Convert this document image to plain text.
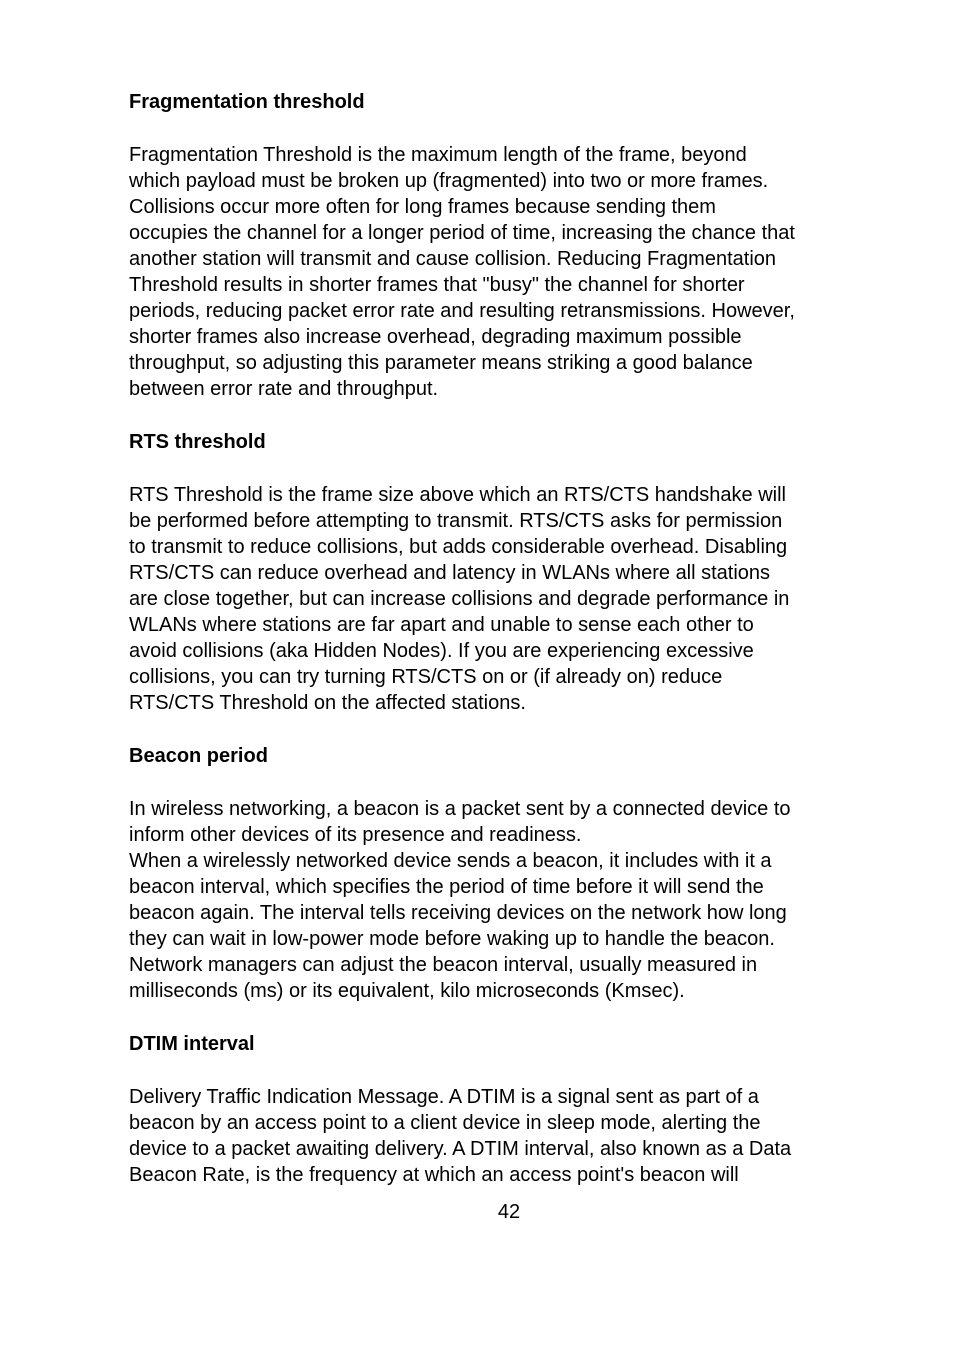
Fragmentation threshold
Fragmentation Threshold is the maximum length of the frame, beyond
which payload must be broken up (fragmented) into two or more frames.
Collisions occur more often for long frames because sending them
occupies the channel for a longer period of time, increasing the chance that
another station will transmit and cause collision. Reducing Fragmentation
Threshold results in shorter frames that "busy" the channel for shorter
periods, reducing packet error rate and resulting retransmissions. However,
shorter frames also increase overhead, degrading maximum possible
throughput, so adjusting this parameter means striking a good balance
between error rate and throughput.
RTS threshold
RTS Threshold is the frame size above which an RTS/CTS handshake will
be performed before attempting to transmit. RTS/CTS asks for permission
to transmit to reduce collisions, but adds considerable overhead. Disabling
RTS/CTS can reduce overhead and latency in WLANs where all stations
are close together, but can increase collisions and degrade performance in
WLANs where stations are far apart and unable to sense each other to
avoid collisions (aka Hidden Nodes). If you are experiencing excessive
collisions, you can try turning RTS/CTS on or (if already on) reduce
RTS/CTS Threshold on the affected stations.
Beacon period
In wireless networking, a beacon is a packet sent by a connected device to
inform other devices of its presence and readiness.
When a wirelessly networked device sends a beacon, it includes with it a
beacon interval, which specifies the period of time before it will send the
beacon again. The interval tells receiving devices on the network how long
they can wait in low-power mode before waking up to handle the beacon.
Network managers can adjust the beacon interval, usually measured in
milliseconds (ms) or its equivalent, kilo microseconds (Kmsec).
DTIM interval
Delivery Traffic Indication Message. A DTIM is a signal sent as part of a
beacon by an access point to a client device in sleep mode, alerting the
device to a packet awaiting delivery. A DTIM interval, also known as a Data
Beacon Rate, is the frequency at which an access point's beacon will
42
